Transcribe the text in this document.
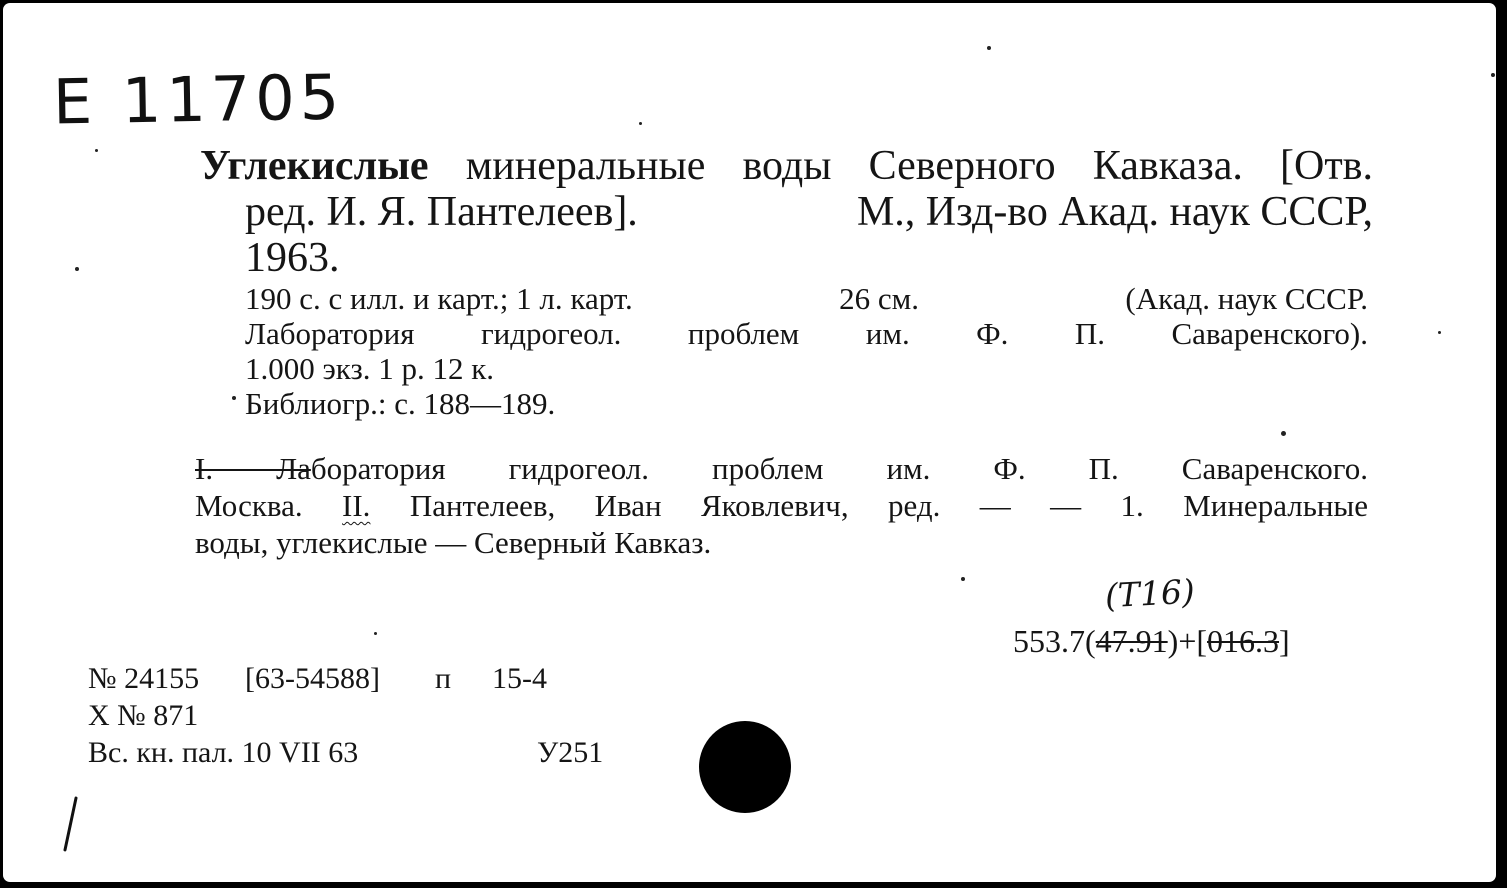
Е 11705
Углекислые минеральные воды Северного Кавказа. [Отв.
ред. И. Я. Пантелеев].	М., Изд-во Акад. наук СССР,
1963.
190 с. с илл. и карт.; 1 л. карт.	26 см.	(Акад. наук СССР.
Лаборатория гидрогеол. проблем им. Ф. П. Саваренского).
1.000 экз. 1 р. 12 к.
Библиогр.: с. 188—189.
I. Лаборатория гидрогеол. проблем им. Ф. П. Саваренского.
Москва. II. Пантелеев, Иван Яковлевич, ред. — — 1. Минеральные
воды, углекислые — Северный Кавказ.
(Т16)
553.7(47.91)+[016.3]
№ 24155 [63-54588] п 15-4
Х № 871
Вс. кн. пал. 10 VII 63	У251
